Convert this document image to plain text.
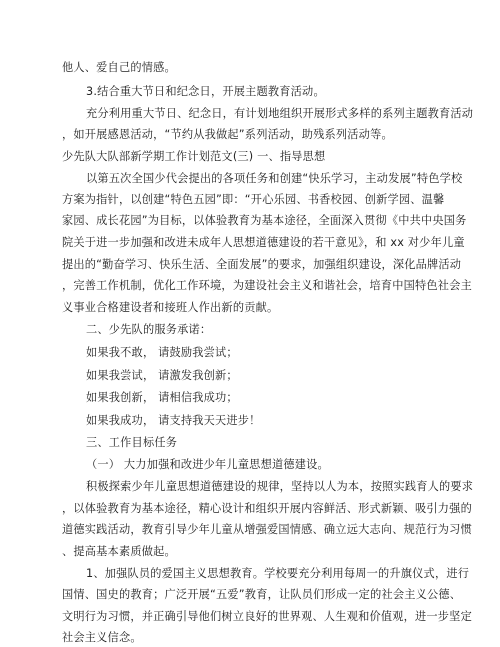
他人、爱自己的情感。
3.结合重大节日和纪念日，开展主题教育活动。
充分利用重大节日、纪念日，有计划地组织开展形式多样的系列主题教育活动
，如开展感恩活动，“节约从我做起”系列活动，助残系列活动等。
少先队大队部新学期工作计划范文(三) 一、指导思想
以第五次全国少代会提出的各项任务和创建“快乐学习，主动发展”特色学校
方案为指针，以创建“特色五园”即：“开心乐园、书香校园、创新学园、温馨
家园、成长花园”为目标，以体验教育为基本途径，全面深入贯彻《中共中央国务
院关于进一步加强和改进未成年人思想道德建设的若干意见》，和 xx 对少年儿童
提出的“勤奋学习、快乐生活、全面发展”的要求，加强组织建设，深化品牌活动
，完善工作机制，优化工作环境，为建设社会主义和谐社会，培育中国特色社会主
义事业合格建设者和接班人作出新的贡献。
二、少先队的服务承诺：
如果我不敢， 请鼓励我尝试；
如果我尝试， 请激发我创新；
如果我创新， 请相信我成功；
如果我成功， 请支持我天天进步！
三、工作目标任务
（一） 大力加强和改进少年儿童思想道德建设。
积极探索少年儿童思想道德建设的规律，坚持以人为本，按照实践育人的要求
，以体验教育为基本途径，精心设计和组织开展内容鲜活、形式新颖、吸引力强的
道德实践活动，教育引导少年儿童从增强爱国情感、确立远大志向、规范行为习惯
、提高基本素质做起。
1、加强队员的爱国主义思想教育。学校要充分利用每周一的升旗仪式，进行
国情、国史的教育；广泛开展“五爱”教育，让队员们形成一定的社会主义公德、
文明行为习惯，并正确引导他们树立良好的世界观、人生观和价值观，进一步坚定
社会主义信念。
